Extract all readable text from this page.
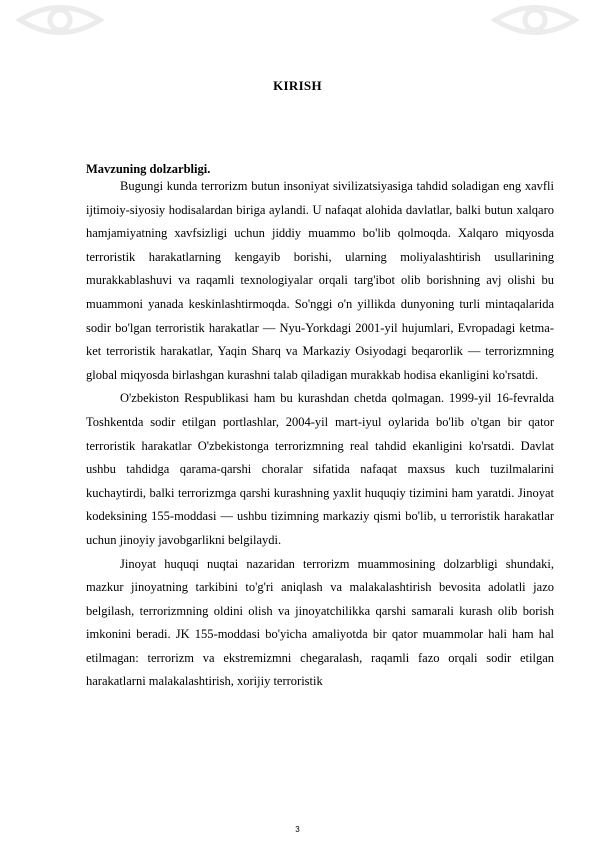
KIRISH
Mavzuning dolzarbligi.

Bugungi kunda terrorizm butun insoniyat sivilizatsiyasiga tahdid soladigan eng xavfli ijtimoiy-siyosiy hodisalardan biriga aylandi. U nafaqat alohida davlatlar, balki butun xalqaro hamjamiyatning xavfsizligi uchun jiddiy muammo bo'lib qolmoqda. Xalqaro miqyosda terroristik harakatlarning kengayib borishi, ularning moliyalashtirish usullarining murakkablashuvi va raqamli texnologiyalar orqali targ'ibot olib borishning avj olishi bu muammoni yanada keskinlashtirmoqda. So'nggi o'n yillikda dunyoning turli mintaqalarida sodir bo'lgan terroristik harakatlar — Nyu-Yorkdagi 2001-yil hujumlari, Evropadagi ketma-ket terroristik harakatlar, Yaqin Sharq va Markaziy Osiyodagi beqarorlik — terrorizmning global miqyosda birlashgan kurashni talab qiladigan murakkab hodisa ekanligini ko'rsatdi.

O'zbekiston Respublikasi ham bu kurashdan chetda qolmagan. 1999-yil 16-fevralda Toshkentda sodir etilgan portlashlar, 2004-yil mart-iyul oylarida bo'lib o'tgan bir qator terroristik harakatlar O'zbekistonga terrorizmning real tahdid ekanligini ko'rsatdi. Davlat ushbu tahdidga qarama-qarshi choralar sifatida nafaqat maxsus kuch tuzilmalarini kuchaytirdi, balki terrorizmga qarshi kurashning yaxlit huquqiy tizimini ham yaratdi. Jinoyat kodeksining 155-moddasi — ushbu tizimning markaziy qismi bo'lib, u terroristik harakatlar uchun jinoyiy javobgarlikni belgilaydi.

Jinoyat huquqi nuqtai nazaridan terrorizm muammosining dolzarbligi shundaki, mazkur jinoyatning tarkibini to'g'ri aniqlash va malakalashtirish bevosita adolatli jazo belgilash, terrorizmning oldini olish va jinoyatchilikka qarshi samarali kurash olib borish imkonini beradi. JK 155-moddasi bo'yicha amaliyotda bir qator muammolar hali ham hal etilmagan: terrorizm va ekstremizmni chegaralash, raqamli fazo orqali sodir etilgan harakatlarni malakalashtirish, xorijiy terroristik

3
